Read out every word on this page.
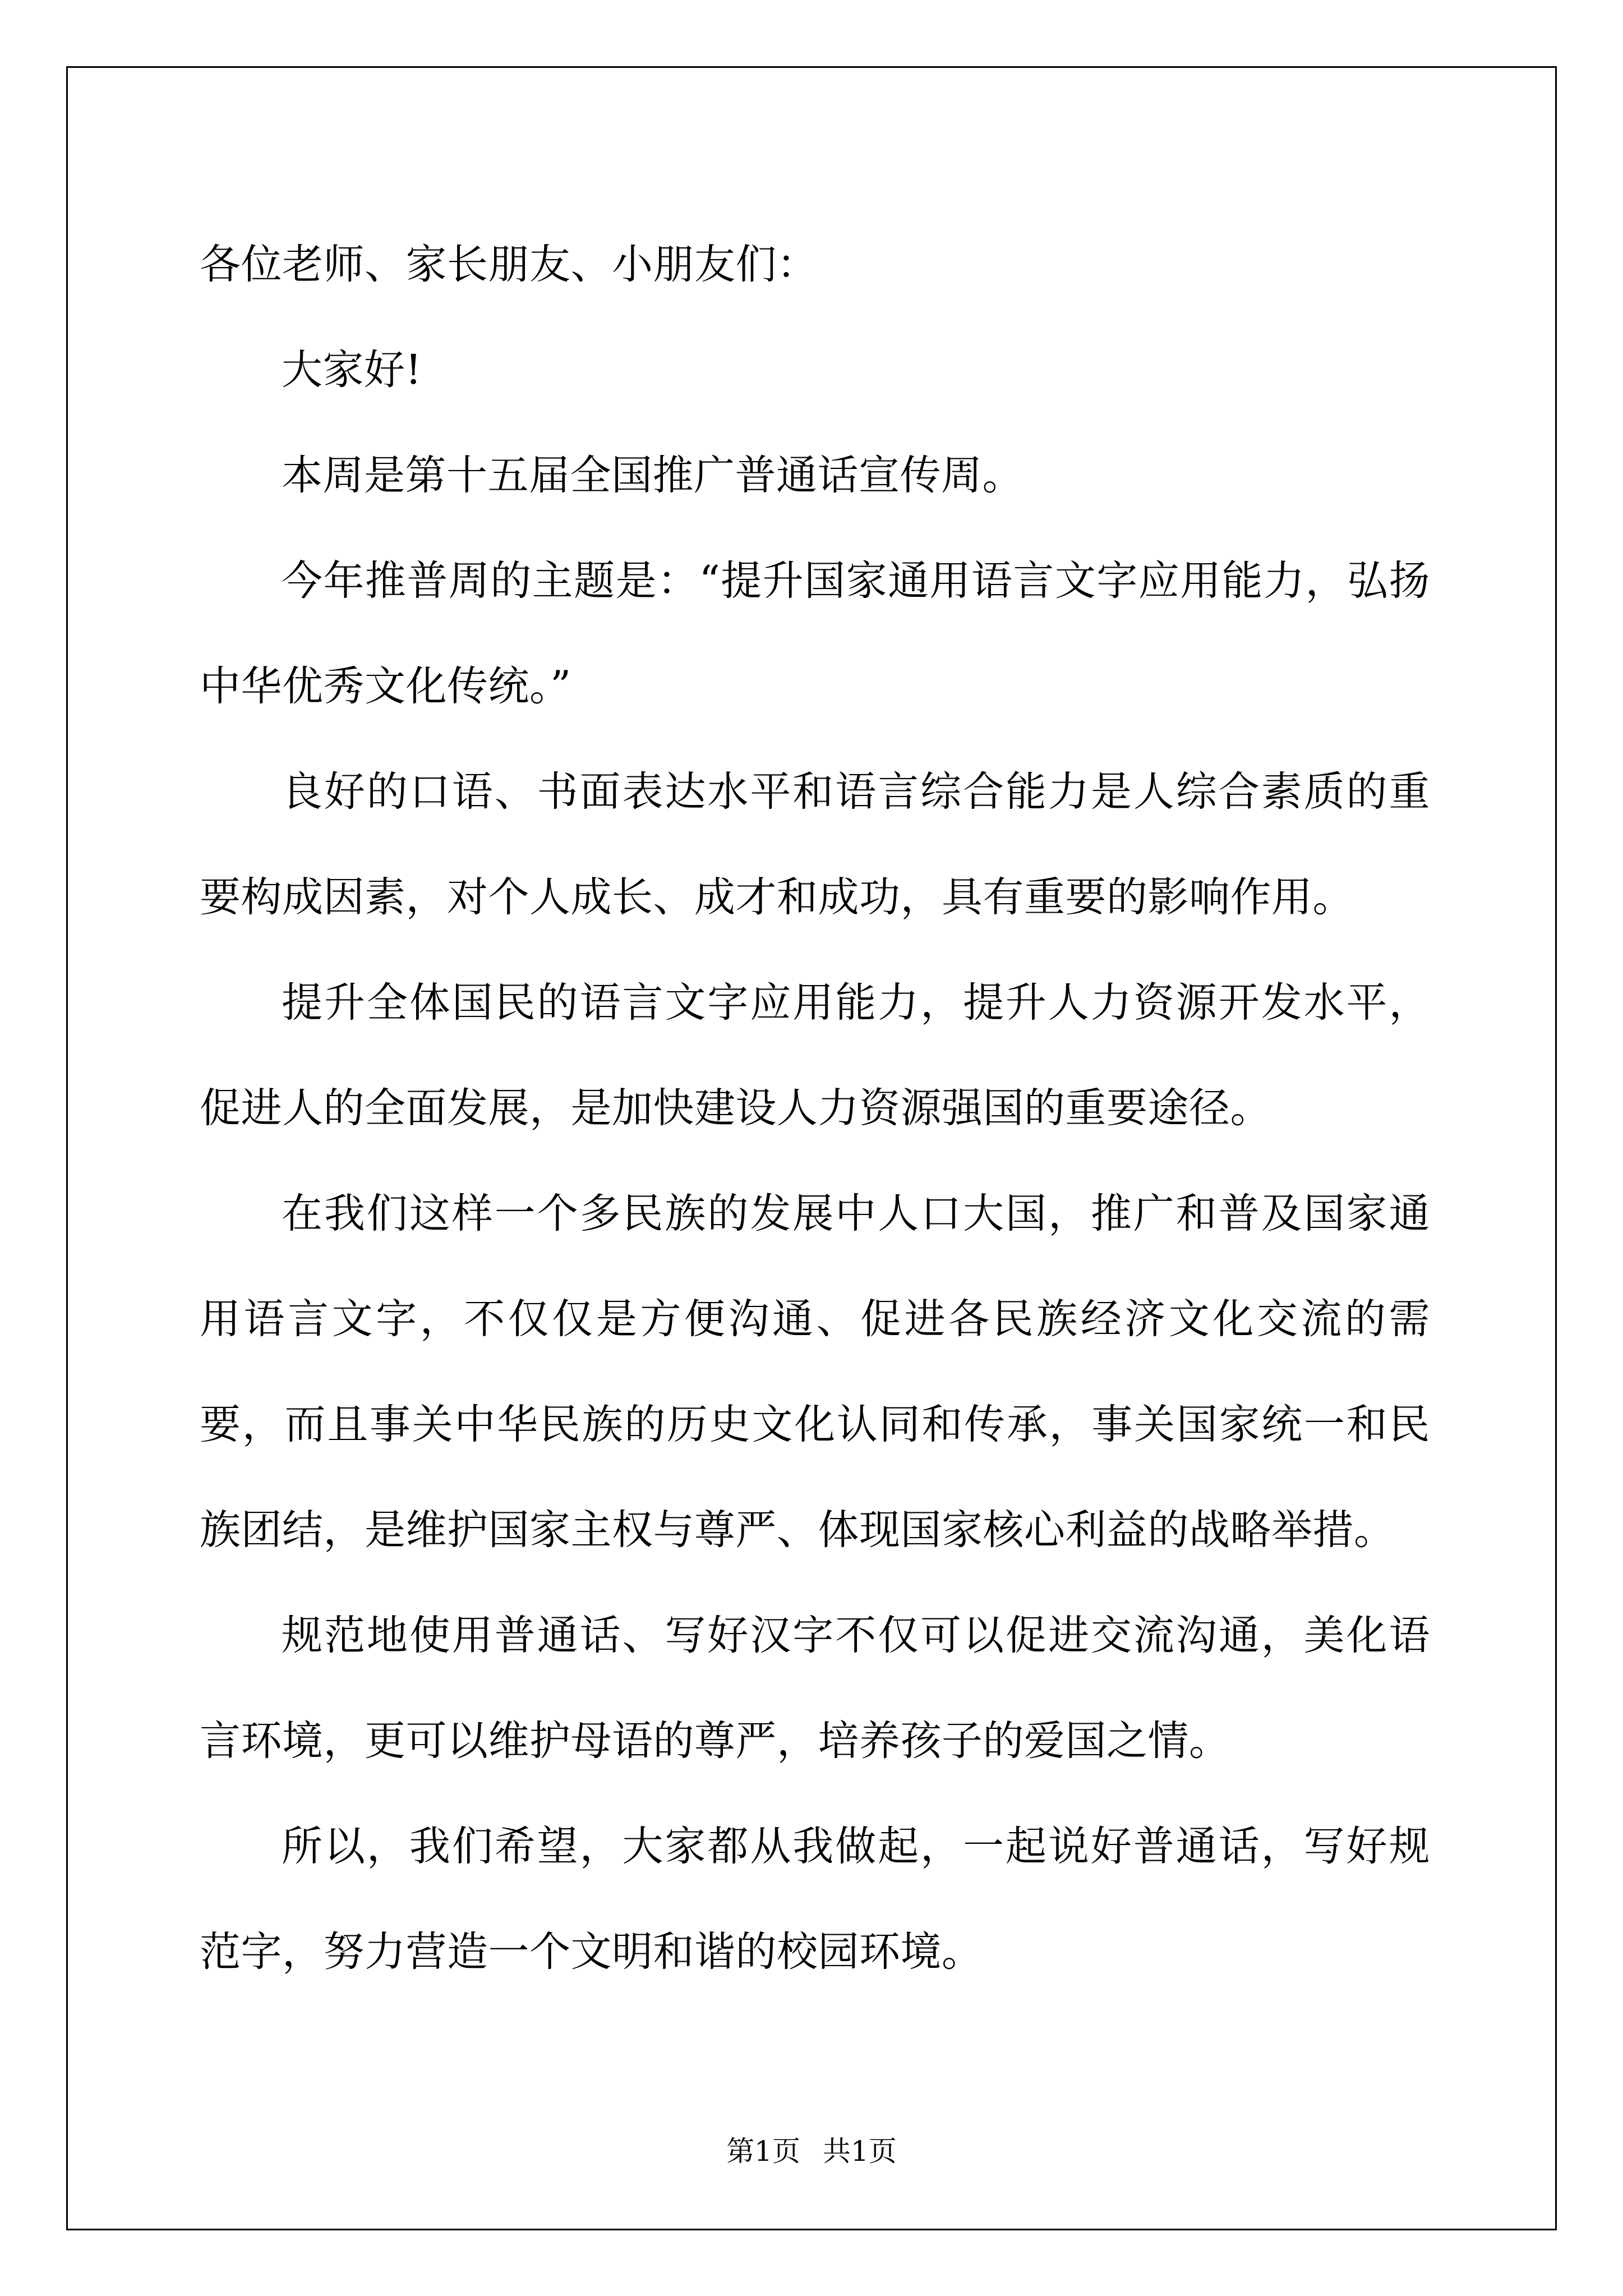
各位老师、家长朋友、小朋友们：

大家好!

本周是第十五届全国推广普通话宣传周。

今年推普周的主题是：“提升国家通用语言文字应用能力，弘扬中华优秀文化传统。”

良好的口语、书面表达水平和语言综合能力是人综合素质的重要构成因素，对个人成长、成才和成功，具有重要的影响作用。

提升全体国民的语言文字应用能力，提升人力资源开发水平，促进人的全面发展，是加快建设人力资源强国的重要途径。

在我们这样一个多民族的发展中人口大国，推广和普及国家通用语言文字，不仅仅是方便沟通、促进各民族经济文化交流的需要，而且事关中华民族的历史文化认同和传承，事关国家统一和民族团结，是维护国家主权与尊严、体现国家核心利益的战略举措。

规范地使用普通话、写好汉字不仅可以促进交流沟通，美化语言环境，更可以维护母语的尊严，培养孩子的爱国之情。

所以，我们希望，大家都从我做起，一起说好普通话，写好规范字，努力营造一个文明和谐的校园环境。

第1页 共1页
